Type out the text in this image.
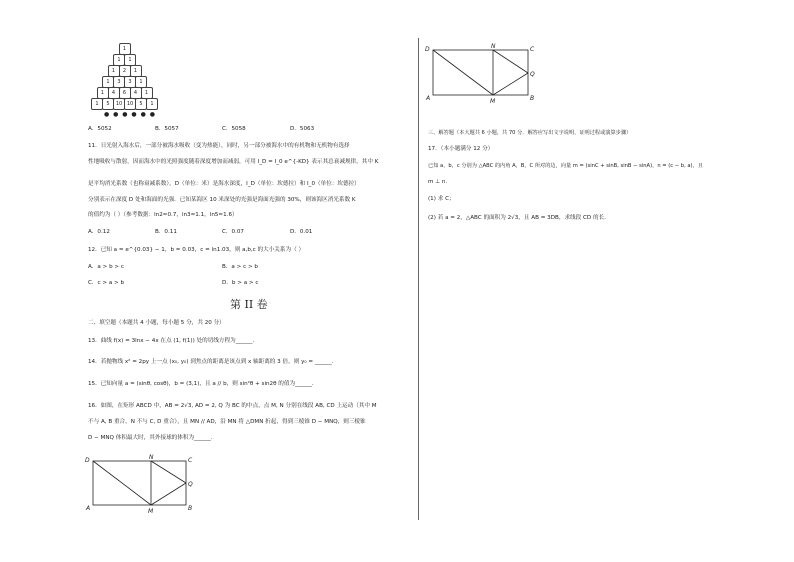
1
1	1
1	2	1
1	3	3	1
1	4	6	4	1
1	5	10 10	5	1
● ● ● ● ● ●
A．5052	B．5057	C．5058	D．5063
11．日光射入海水后，一部分被海水吸收（变为热能），同时，另一部分被海水中的有机物和无机物有选择
性地吸收与散射，因而海水中的光照强度随着深度增加而减弱，可用 I_D = I_0 e^{-KD} 表示其总衰减规律，其中 K
是平均消光系数（也称衰减系数），D（单位：米）是海水深度，I_D（单位：坎德拉）和 I_0（单位：坎德拉）
分别表示在深度 D 处和海面的光强．已知某海区 10 米深处的光强是海面光强的 30%，则该海区消光系数 K
的值约为（ ）（参考数据：ln2≈0.7，ln3≈1.1，ln5≈1.6）
A．0.12	B．0.11	C．0.07	D．0.01
12．已知 a = e^{0.03} − 1，b = 0.03，c = ln1.03，则 a,b,c 的大小关系为（ ）
A．a > b > c	B．a > c > b
C．c > a > b	D．b > a > c
第 II 卷
二、填空题（本题共 4 小题，每小题 5 分，共 20 分）
13．曲线 f(x) = 3lnx − 4x 在点 (1, f(1)) 处的切线方程为______.
14．若抛物线 x² = 2py 上一点 (x₀, y₀) 到焦点的距离是该点到 x 轴距离的 3 倍，则 y₀ = ______.
15．已知向量 a = (sinθ, cosθ)，b = (3,1)，且 a // b，则 sin²θ + sin2θ 的值为______.
16．如图，在矩形 ABCD 中，AB = 2√3, AD = 2, Q 为 BC 的中点，点 M, N 分别在线段 AB, CD 上运动（其中 M
不与 A, B 重合，N 不与 C, D 重合），且 MN // AD，沿 MN 将 △DMN 折起，得到三棱锥 D − MNQ，则三棱锥
D − MNQ 体积最大时，其外接球的体积为______.
D	N	C
Q
A	M	B
D	N	C
Q
A	M	B
三、解答题（本大题共 6 小题，共 70 分．解答应写出文字说明、证明过程或演算步骤）
17．（本小题满分 12 分）
已知 a，b，c 分别为 △ABC 的内角 A，B，C 所对的边，向量 m = (sinC + sinB, sinB − sinA)，n = (c − b, a)，且
m ⊥ n.
(1) 求 C；
(2) 若 a = 2，△ABC 的面积为 2√3，且 AB = 3DB，求线段 CD 的长.
